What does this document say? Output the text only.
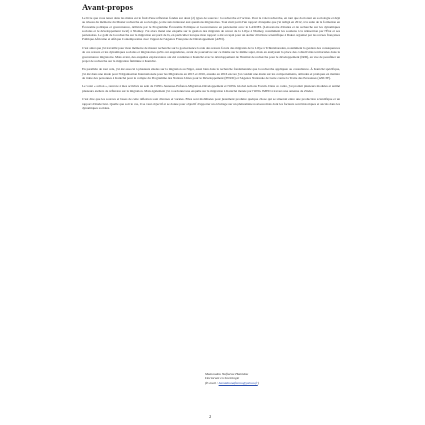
Avant-propos

Le livre que vous tenez dans les mains est le fruit d'une réflexion fondée sur deux (2) types de sources : la recherche et l'action. Pour le volet recherche, en tant que doctorant en sociologie et déjà au niveau du mémoire du Master recherche en sociologie, je me suis intéressé aux questions migratoires. Tout était parti d'un rapport d'enquête que j'ai rédigé en 2012, à la suite de la formation en Économie politique et gouvernance, délivrée par le Programme Économie Politique et Gouvernance en partenariat avec le LASDEL (Laboratoire d'études et de recherche sur les dynamiques sociales et le développement local) à Niamey. J'ai alors mené une enquête sur la gestion des migrants de retour de la Libye à Niamey, notamment les soutiens à la réinsertion par l'État et ses partenaires. Le goût de la recherche sur la migration est parti de là, en particulier lorsque mon rapport a été accepté pour un atelier d'écriture scientifique à Dakar organisé par les revues françaises Politique Africaine et Afrique Contemporaine avec l'appui de l'Agence Française de Développement (AFD).

C'est ainsi que j'ai travaillé pour mon mémoire de master recherche sur la gouvernance locale des retours forcés des migrants de la Libye à Tchintabaraden, notamment la gestion des conséquences de ces retours et les dynamiques sociales et migratoires qu'ils ont engendrées, avant de poursuivre sur ce thème sur le même sujet, mais en analysant la place des collectivités territoriales dans la gouvernance migratoire. Mais avant, des enquêtes exploratoires ont été conduites à Kantché avec le développement de l'Institut de recherche pour le développement (IRD), en vue de peaufiner un projet de recherche sur la migration féminine à Kantché.

En parallèle de tout cela, j'ai été associé à plusieurs études sur la migration au Niger, aussi bien dans la recherche fondamentale que la recherche appliquée ou consultance. À Kantché spécifique, j'ai été dans une étude pour l'Organisation Internationale pour les Migrations en 2015 et 2016, ensuite en 2016 encore j'ai conduit une étude sur les comportements, attitudes et pratiques en matière de traite des personnes à Kantché pour le compte du Programme des Nations Unies pour le Développement (PNUD) et l'Agence Nationale de Lutte contre la Traite des Personnes (ANLTP).

Le volet « action », renvoie à mes activités au sein de l'ONG Jeunesse-Enfance-Migration-Développement et l'ONG Global Actions Forum. Dans ce cadre, j'ai produit plusieurs modules et animé plusieurs ateliers de réflexion sur la migration. Mais également j'ai coordonné une enquête sur la migration à Kantché menée par l'ONG JMED à travers une antenne de Zinder.

C'est dire que les sources et bases de cette réflexion sont diverses et variées. Elles sont mobilisées pour justement produire quelque chose qui se situerait entre une production scientifique et un rapport d'étude brut. Quelle que soit le cas, il se veut objectif et se donne pour objectif d'apporter un éclairage sur un phénomène nouveau mais dont les facteurs sont historiques et ancrés dans les dynamiques sociales.

Mamoudou Nafiarou Hamidou
Doctorant en Sociologie
(E-mail : hamidounafiarou@yahoo.fr)
2
